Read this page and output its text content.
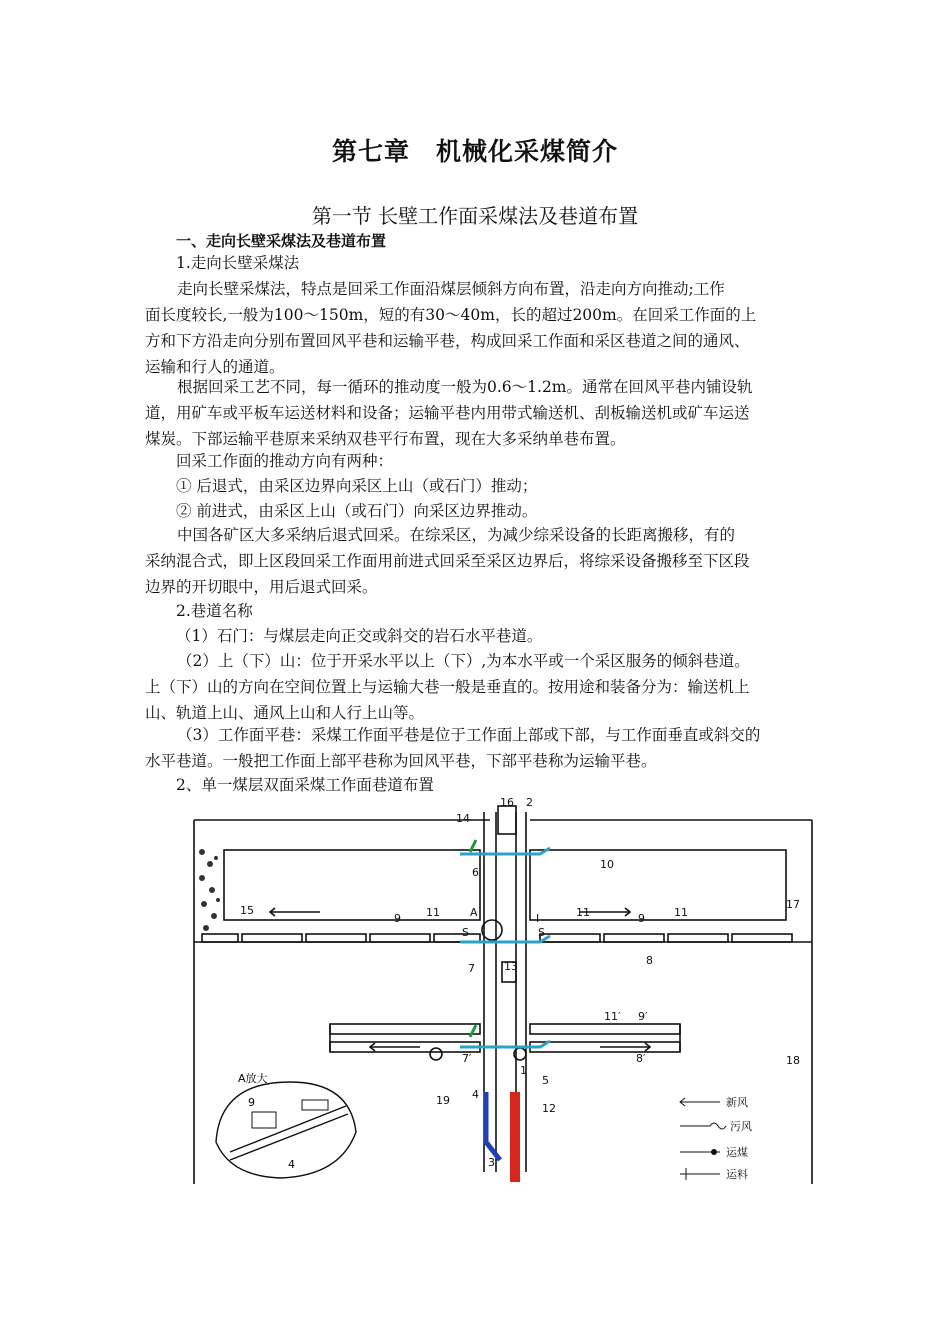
第七章　机械化采煤简介
第一节 长壁工作面采煤法及巷道布置
一、走向长壁采煤法及巷道布置
1.走向长壁采煤法
走向长壁采煤法，特点是回采工作面沿煤层倾斜方向布置，沿走向方向推动;工作
面长度较长,一般为100～150m，短的有30～40m，长的超过200m。在回采工作面的上
方和下方沿走向分别布置回风平巷和运输平巷，构成回采工作面和采区巷道之间的通风、
运输和行人的通道。
根据回采工艺不同，每一循环的推动度一般为0.6～1.2m。通常在回风平巷内铺设轨
道，用矿车或平板车运送材料和设备；运输平巷内用带式输送机、刮板输送机或矿车运送
煤炭。下部运输平巷原来采纳双巷平行布置，现在大多采纳单巷布置。
回采工作面的推动方向有两种：
① 后退式，由采区边界向采区上山（或石门）推动；
② 前进式，由采区上山（或石门）向采区边界推动。
中国各矿区大多采纳后退式回采。在综采区，为减少综采设备的长距离搬移，有的
采纳混合式，即上区段回采工作面用前进式回采至采区边界后，将综采设备搬移至下区段
边界的开切眼中，用后退式回采。
2.巷道名称
（1）石门：与煤层走向正交或斜交的岩石水平巷道。
（2）上（下）山：位于开采水平以上（下）,为本水平或一个采区服务的倾斜巷道。
上（下）山的方向在空间位置上与运输大巷一般是垂直的。按用途和装备分为：输送机上
山、轨道上山、通风上山和人行上山等。
（3）工作面平巷：采煤工作面平巷是位于工作面上部或下部，与工作面垂直或斜交的
水平巷道。一般把工作面上部平巷称为回风平巷，下部平巷称为运输平巷。
2、单一煤层双面采煤工作面巷道布置
16 2
14
10
6
15
9 11	A	I	11	9	11
17
S	S
7
8
13
11′ 9′
7′	8′	18
19 4
1
5
12
3
A放大
9
4
新风
污风
运煤
运料
